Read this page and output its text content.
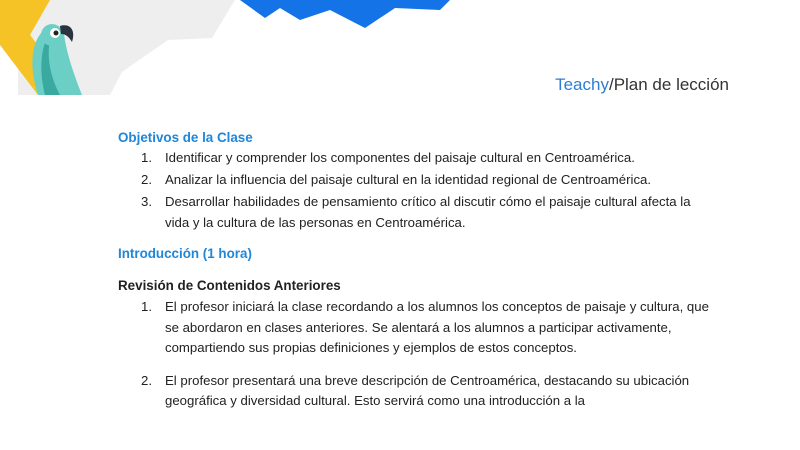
Teachy/Plan de lección
Objetivos de la Clase
1. Identificar y comprender los componentes del paisaje cultural en Centroamérica.
2. Analizar la influencia del paisaje cultural en la identidad regional de Centroamérica.
3. Desarrollar habilidades de pensamiento crítico al discutir cómo el paisaje cultural afecta la vida y la cultura de las personas en Centroamérica.
Introducción (1 hora)
Revisión de Contenidos Anteriores
1. El profesor iniciará la clase recordando a los alumnos los conceptos de paisaje y cultura, que se abordaron en clases anteriores. Se alentará a los alumnos a participar activamente, compartiendo sus propias definiciones y ejemplos de estos conceptos.
2. El profesor presentará una breve descripción de Centroamérica, destacando su ubicación geográfica y diversidad cultural. Esto servirá como una introducción a la
